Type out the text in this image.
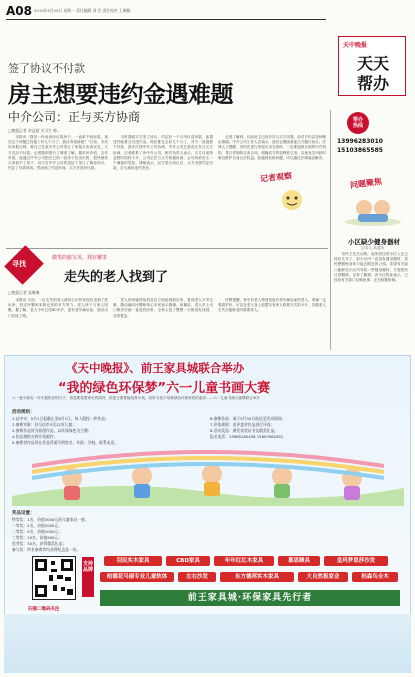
A08 2015年5月25日 星期一 责任编辑 刘 芸 责任校对 王佩佩
天中晚报
天天
帮办
签了协议不付款
房主想要违约金遇难题
中介公司：正与买方协商
□晚报记者 余益超 实习生 韩...
　　本报讯 “我签一份卖房协议的房子，一直拿不到房款，现在这个问题已经拖了好几个月了，我应该找谁呢？”日前，市民向本报反映，称自己在某中介公司签订了房屋买卖协议后，买方迟迟不付款。记者随即进行了调查了解。据市民介绍，去年年底，他通过中介公司把自己的一套房子挂出出售，很快就有买家看中了房子，双方在中介公司的见证下签订了购房协议，约定了付款时间。然而到了约定时间，买方并没有付款。
　　当时我跟买方签了协议，约定好一个月内付清房款，如果违约就要支付违约金。现在都过去好几个月了，对方一直拖着不付款，我多次找中介公司协调，中介公司总是说正在与买方协商。记者联系了该中介公司，相关负责人表示，买方目前资金暂时周转不开，公司正在与买方积极协商，会尽快给房主一个满意的答复。律师表示，双方签订协议后，买方未按约定付款，应当承担违约责任。
　　记者了解到，目前房主已经多次与买方沟通，但对方仍以各种理由推脱。中介公司工作人员表示，他们会继续督促买方履行协议。法律人士提醒，市民在进行房屋买卖交易时，一定要选择正规的中介机构，签订详细的买卖合同，明确双方的权利和义务，以免发生纠纷时难以维护自身合法权益。如遇到类似问题，可以通过法律途径解决。
帮办
热线
13996283010
15103865585
问题聚焦
小区缺少健身器材
文/本人 高清田
　　市民王先生反映，他所居住的小区入住已经好几年了，但小区内一直没有健身器材，居民想锻炼身体只能去附近的公园。希望有关部门能够在小区内安装一些健身器材，方便居民日常锻炼。记者了解到，该小区物业表示，已经向有关部门反映此事，正在积极协调。
记者观察
寻找
微笑的旅宝贝，找在哪里
走失的老人找到了
□晚报记者 高琳琳
　　本报讯 日前，一位走失的老人被好心市民发现后送到了派出所，经过民警和本报记者的多方努力，老人终于与家人团聚。据了解，老人今年已经80多岁，患有老年痴呆症，独自出门后迷了路。
　　老人的家属得知消息后立即赶到派出所，看到老人平安无事，激动地向民警和热心市民表示感谢。家属说，老人早上出门散步后就一直没有回家，全家人找了整整一天都没有找到，非常着急。
　　民警提醒，家中有老人特别是患有老年痴呆症的老人，家属一定要看护好，可以在老人身上放置写有家人联系方式的卡片，以便老人走失后能够及时联系家人。
《天中晚报》、前王家具城联合举办
“我的绿色环保梦”六一儿童书画大赛
六一是小朋友一年中最快乐的日子，但是要看着家长的陪伴，但是又需要能培养小孩，同时为孩子培养绿色环保家居的意识……六一儿童书画大赛暨联合举办
活动规则：
1.以中实：5月1日起截止至6月1日，每人限投一件作品；
2.参赛对象：驻马店市3至12岁儿童；
3.参赛作品须为原创作品，以环保绿色为主题；
4.作品规格为四开纸画作；
5.参赛者作品须在作品背面写明姓名、年龄、学校、联系电话。
6.参赛作品：请于5月30日前送至活动现场；
7.评选规则：由评委对作品进行评选；
8.活动奖品：颁发获奖证书及精美礼品。
报名电话：13965285458 15603982651
奖品设置：
特等奖：1名，价值3000元的儿童家具一套；
一等奖：2名，价值2000元；
二等奖：5名，价值1000元；
三等奖：10名，价值500元；
优秀奖：30名，获得精美礼品；
参与奖：所有参赛者均获得纪念品一份。
支持品牌
羽民实木家具	CBD家具	年年红红木家具	慕思睡具	皇玛梦思莎沙发
柏德花马丽专业儿童软体	左右沙发	东方德邦实木家具	大自然板家业	柏森鸟全木
前王家具城·环保家具先行者
扫描二维码关注
